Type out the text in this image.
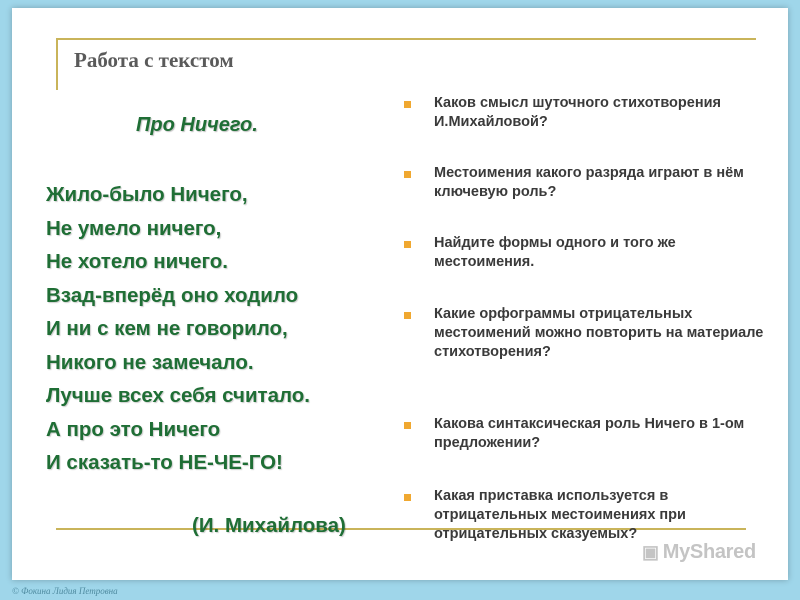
Работа с текстом
Про Ничего.
Жило-было Ничего,
Не умело ничего,
Не хотело ничего.
Взад-вперёд оно ходило
И ни с кем не говорило,
Никого не замечало.
Лучше всех себя считало.
А про это Ничего
И сказать-то НЕ-ЧЕ-ГО!
(И. Михайлова)
Каков смысл шуточного стихотворения И.Михайловой?
Местоимения какого разряда играют в нём ключевую роль?
Найдите формы одного и того же местоимения.
Какие орфограммы отрицательных местоимений можно повторить на материале стихотворения?
Какова синтаксическая роль Ничего в 1-ом предложении?
Какая приставка используется в отрицательных местоимениях при отрицательных сказуемых?
▣ MyShared
© Фокина Лидия Петровна
